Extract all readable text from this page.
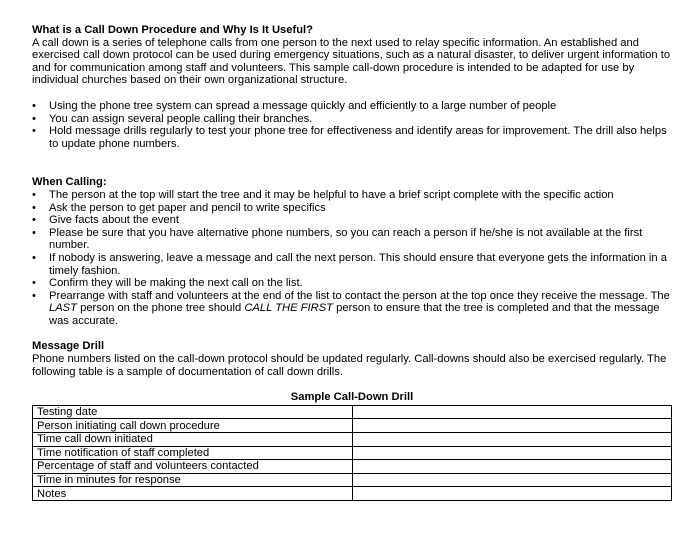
What is a Call Down Procedure and Why Is It Useful?

A call down is a series of telephone calls from one person to the next used to relay specific information. An established and exercised call down protocol can be used during emergency situations, such as a natural disaster, to deliver urgent information to and for communication among staff and volunteers. This sample call-down procedure is intended to be adapted for use by individual churches based on their own organizational structure.

• Using the phone tree system can spread a message quickly and efficiently to a large number of people
• You can assign several people calling their branches.
• Hold message drills regularly to test your phone tree for effectiveness and identify areas for improvement. The drill also helps to update phone numbers.
When Calling:
• The person at the top will start the tree and it may be helpful to have a brief script complete with the specific action
• Ask the person to get paper and pencil to write specifics
• Give facts about the event
• Please be sure that you have alternative phone numbers, so you can reach a person if he/she is not available at the first number.
• If nobody is answering, leave a message and call the next person. This should ensure that everyone gets the information in a timely fashion.
• Confirm they will be making the next call on the list.
• Prearrange with staff and volunteers at the end of the list to contact the person at the top once they receive the message. The LAST person on the phone tree should CALL THE FIRST person to ensure that the tree is completed and that the message was accurate.
Message Drill

Phone numbers listed on the call-down protocol should be updated regularly. Call-downs should also be exercised regularly. The following table is a sample of documentation of call down drills.

Sample Call-Down Drill
Testing date	
Person initiating call down procedure	
Time call down initiated	
Time notification of staff completed	
Percentage of staff and volunteers contacted	
Time in minutes for response	
Notes	
